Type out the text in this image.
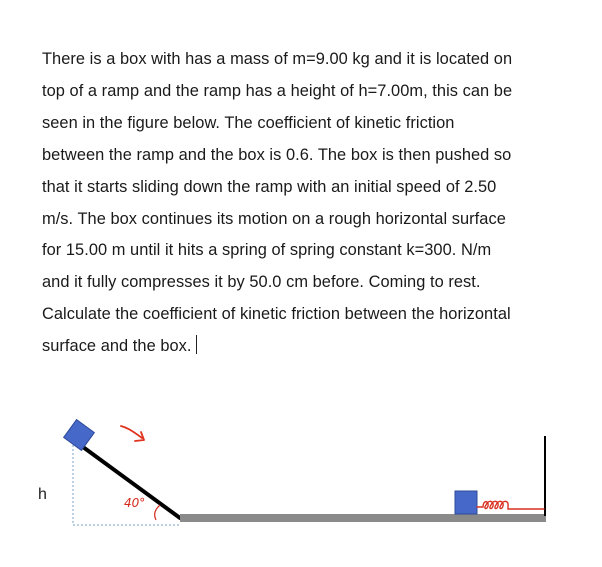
There is a box with has a mass of m=9.00 kg and it is located on
top of a ramp and the ramp has a height of h=7.00m, this can be
seen in the figure below. The coefficient of kinetic friction
between the ramp and the box is 0.6. The box is then pushed so
that it starts sliding down the ramp with an initial speed of 2.50
m/s. The box continues its motion on a rough horizontal surface
for 15.00 m until it hits a spring of spring constant k=300. N/m
and it fully compresses it by 50.0 cm before. Coming to rest.
Calculate the coefficient of kinetic friction between the horizontal
surface and the box.
h	40°
